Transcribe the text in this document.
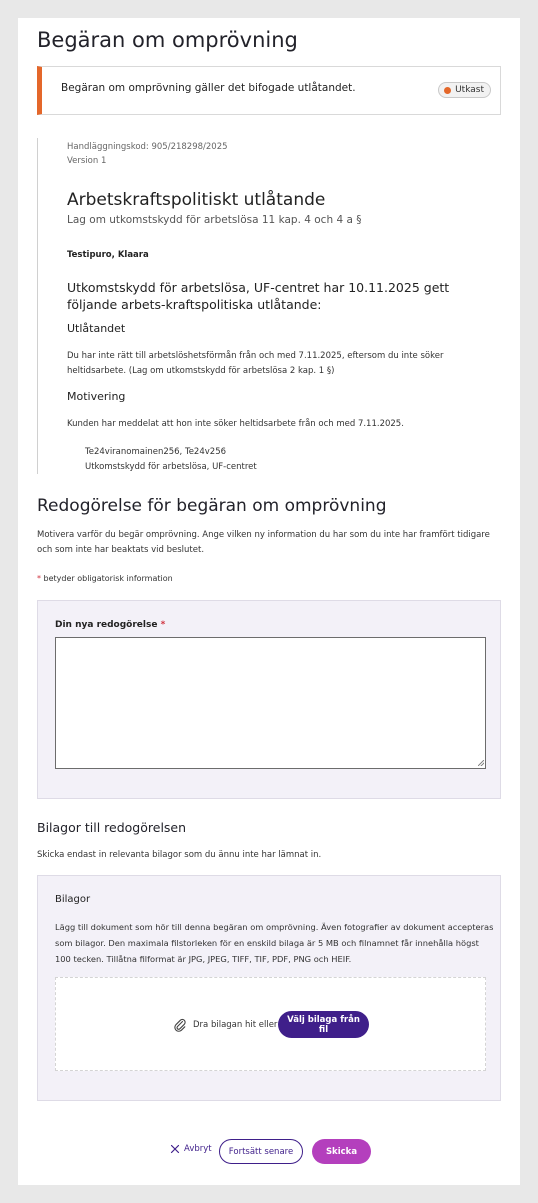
Begäran om omprövning
Begäran om omprövning gäller det bifogade utlåtandet.	Utkast
Handläggningskod: 905/218298/2025
Version 1
Arbetskraftspolitiskt utlåtande
Lag om utkomstskydd för arbetslösa 11 kap. 4 och 4 a §
Testipuro, Klaara
Utkomstskydd för arbetslösa, UF-centret har 10.11.2025 gett följande arbets-kraftspolitiska utlåtande:
Utlåtandet

Du har inte rätt till arbetslöshetsförmån från och med 7.11.2025, eftersom du inte söker heltidsarbete. (Lag om utkomstskydd för arbetslösa 2 kap. 1 §)

Motivering

Kunden har meddelat att hon inte söker heltidsarbete från och med 7.11.2025.

Te24viranomainen256, Te24v256
Utkomstskydd för arbetslösa, UF-centret
Redogörelse för begäran om omprövning

Motivera varför du begär omprövning. Ange vilken ny information du har som du inte har framfört tidigare och som inte har beaktats vid beslutet.

* betyder obligatorisk information
Din nya redogörelse *
Bilagor till redogörelsen
Skicka endast in relevanta bilagor som du ännu inte har lämnat in.
Bilagor

Lägg till dokument som hör till denna begäran om omprövning. Även fotografier av dokument accepteras som bilagor. Den maximala filstorleken för en enskild bilaga är 5 MB och filnamnet får innehålla högst 100 tecken. Tillåtna filformat är JPG, JPEG, TIFF, TIF, PDF, PNG och HEIF.

Dra bilagan hit eller
Välj bilaga från fil
Avbryt	Fortsätt senare	Skicka
